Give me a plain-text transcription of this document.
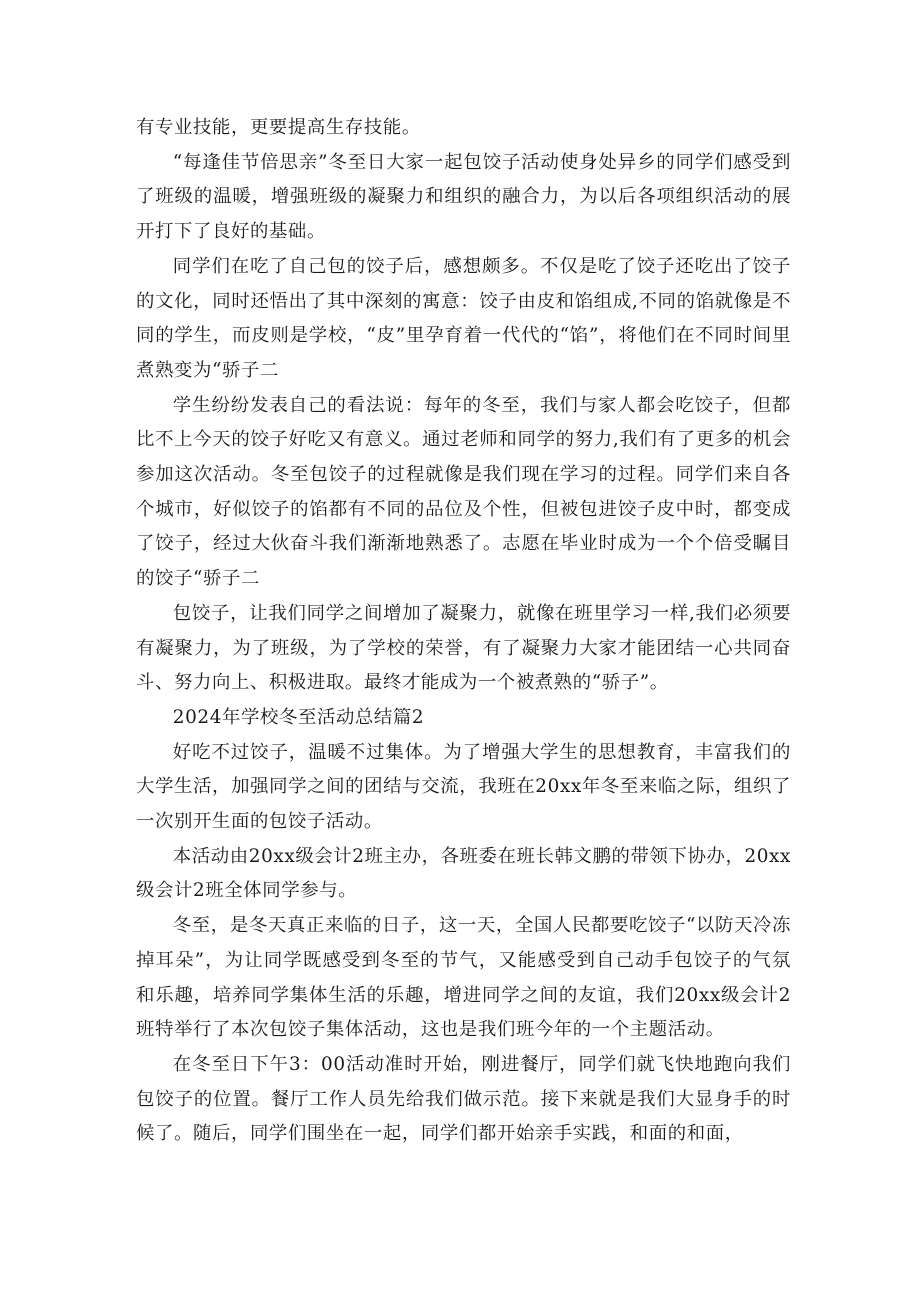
有专业技能，更要提高生存技能。

“每逢佳节倍思亲”冬至日大家一起包饺子活动使身处异乡的同学们感受到了班级的温暖，增强班级的凝聚力和组织的融合力，为以后各项组织活动的展开打下了良好的基础。

同学们在吃了自己包的饺子后，感想颇多。不仅是吃了饺子还吃出了饺子的文化，同时还悟出了其中深刻的寓意：饺子由皮和馅组成,不同的馅就像是不同的学生，而皮则是学校，“皮”里孕育着一代代的“馅”，将他们在不同时间里煮熟变为“骄子二

学生纷纷发表自己的看法说：每年的冬至，我们与家人都会吃饺子，但都比不上今天的饺子好吃又有意义。通过老师和同学的努力,我们有了更多的机会参加这次活动。冬至包饺子的过程就像是我们现在学习的过程。同学们来自各个城市，好似饺子的馅都有不同的品位及个性，但被包进饺子皮中时，都变成了饺子，经过大伙奋斗我们渐渐地熟悉了。志愿在毕业时成为一个个倍受瞩目的饺子“骄子二

包饺子，让我们同学之间增加了凝聚力，就像在班里学习一样,我们必须要有凝聚力，为了班级，为了学校的荣誉，有了凝聚力大家才能团结一心共同奋斗、努力向上、积极进取。最终才能成为一个被煮熟的“骄子”。

2024年学校冬至活动总结篇2

好吃不过饺子，温暖不过集体。为了增强大学生的思想教育，丰富我们的大学生活，加强同学之间的团结与交流，我班在20xx年冬至来临之际，组织了一次别开生面的包饺子活动。

本活动由20xx级会计2班主办，各班委在班长韩文鹏的带领下协办，20xx级会计2班全体同学参与。

冬至，是冬天真正来临的日子，这一天，全国人民都要吃饺子“以防天冷冻掉耳朵”，为让同学既感受到冬至的节气，又能感受到自己动手包饺子的气氛和乐趣，培养同学集体生活的乐趣，增进同学之间的友谊，我们20xx级会计2班特举行了本次包饺子集体活动，这也是我们班今年的一个主题活动。

在冬至日下午3：00活动准时开始，刚进餐厅，同学们就飞快地跑向我们包饺子的位置。餐厅工作人员先给我们做示范。接下来就是我们大显身手的时候了。随后，同学们围坐在一起，同学们都开始亲手实践，和面的和面，
